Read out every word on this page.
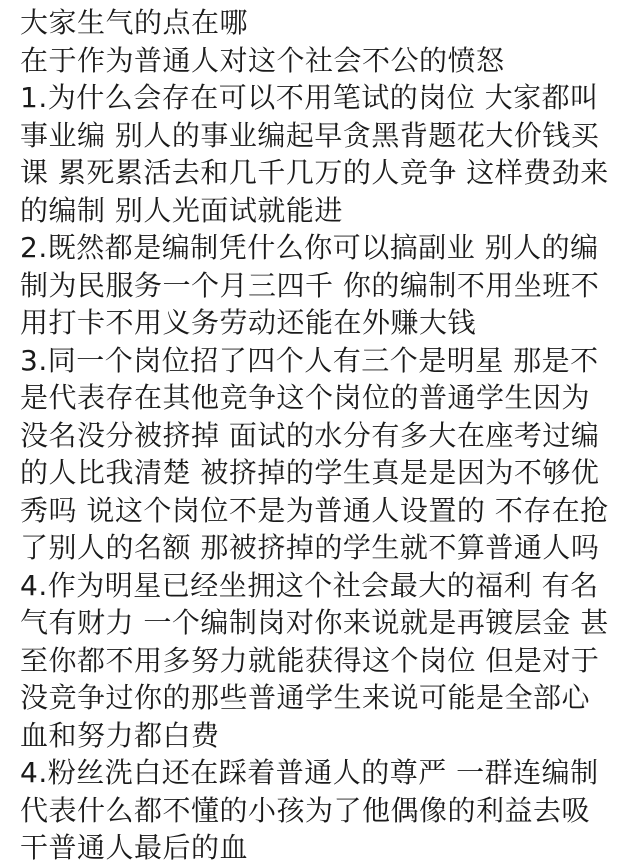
大家生气的点在哪
在于作为普通人对这个社会不公的愤怒
1.为什么会存在可以不用笔试的岗位 大家都叫
事业编 别人的事业编起早贪黑背题花大价钱买
课 累死累活去和几千几万的人竞争 这样费劲来
的编制 别人光面试就能进
2.既然都是编制凭什么你可以搞副业 别人的编
制为民服务一个月三四千 你的编制不用坐班不
用打卡不用义务劳动还能在外赚大钱
3.同一个岗位招了四个人有三个是明星 那是不
是代表存在其他竞争这个岗位的普通学生因为
没名没分被挤掉 面试的水分有多大在座考过编
的人比我清楚 被挤掉的学生真是是因为不够优
秀吗 说这个岗位不是为普通人设置的 不存在抢
了别人的名额 那被挤掉的学生就不算普通人吗
4.作为明星已经坐拥这个社会最大的福利 有名
气有财力 一个编制岗对你来说就是再镀层金 甚
至你都不用多努力就能获得这个岗位 但是对于
没竞争过你的那些普通学生来说可能是全部心
血和努力都白费
4.粉丝洗白还在踩着普通人的尊严 一群连编制
代表什么都不懂的小孩为了他偶像的利益去吸
干普通人最后的血
